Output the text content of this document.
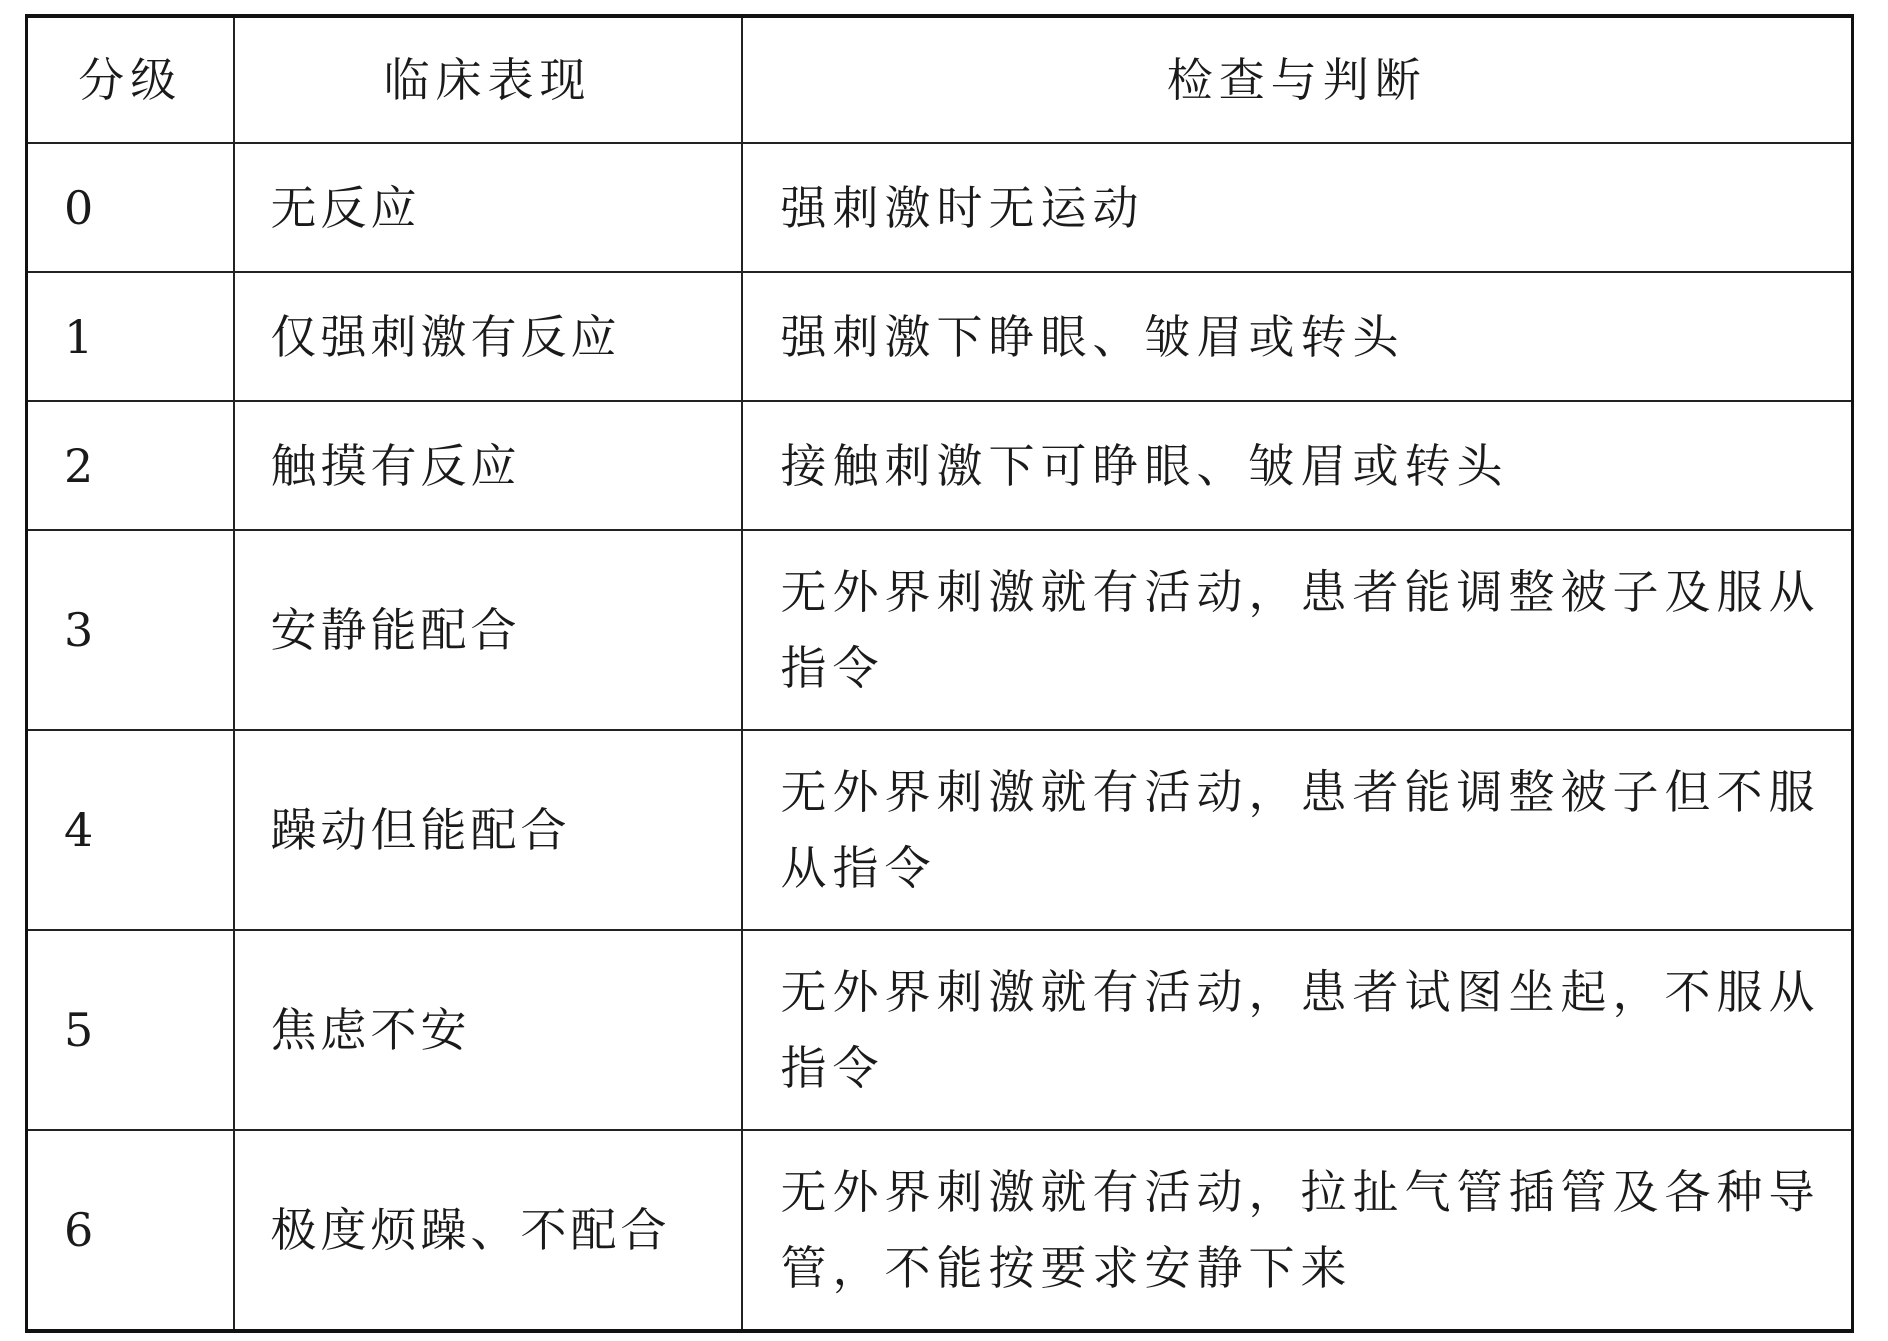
分级	临床表现	检查与判断
0	无反应	强刺激时无运动
1	仅强刺激有反应	强刺激下睁眼、皱眉或转头
2	触摸有反应	接触刺激下可睁眼、皱眉或转头
3	安静能配合	无外界刺激就有活动，患者能调整被子及服从指令
4	躁动但能配合	无外界刺激就有活动，患者能调整被子但不服从指令
5	焦虑不安	无外界刺激就有活动，患者试图坐起，不服从指令
6	极度烦躁、不配合	无外界刺激就有活动，拉扯气管插管及各种导管，不能按要求安静下来
